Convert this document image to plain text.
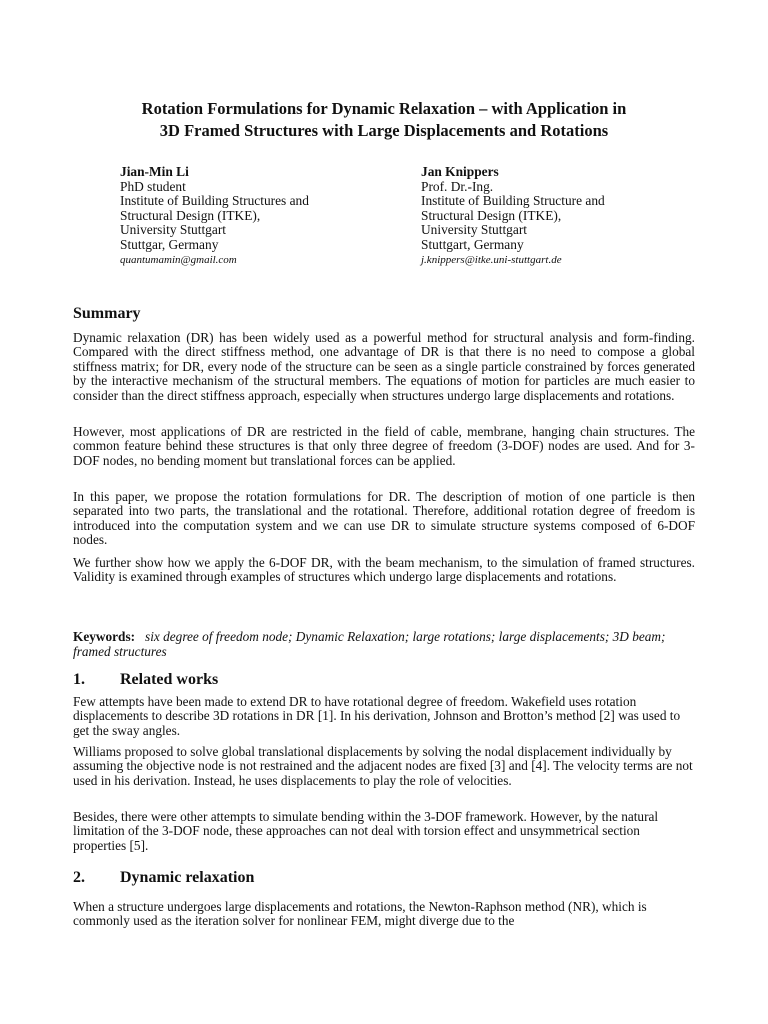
Rotation Formulations for Dynamic Relaxation – with Application in
3D Framed Structures with Large Displacements and Rotations
Jian-Min Li
PhD student
Institute of Building Structures and
Structural Design (ITKE),
University Stuttgart
Stuttgar, Germany
quantumamin@gmail.com
Jan Knippers
Prof. Dr.-Ing.
Institute of Building Structure and
Structural Design (ITKE),
University Stuttgart
Stuttgart, Germany
j.knippers@itke.uni-stuttgart.de
Summary

Dynamic relaxation (DR) has been widely used as a powerful method for structural analysis and form-finding. Compared with the direct stiffness method, one advantage of DR is that there is no need to compose a global stiffness matrix; for DR, every node of the structure can be seen as a single particle constrained by forces generated by the interactive mechanism of the structural members. The equations of motion for particles are much easier to consider than the direct stiffness approach, especially when structures undergo large displacements and rotations.

However, most applications of DR are restricted in the field of cable, membrane, hanging chain structures. The common feature behind these structures is that only three degree of freedom (3-DOF) nodes are used. And for 3-DOF nodes, no bending moment but translational forces can be applied.

In this paper, we propose the rotation formulations for DR. The description of motion of one particle is then separated into two parts, the translational and the rotational. Therefore, additional rotation degree of freedom is introduced into the computation system and we can use DR to simulate structure systems composed of 6-DOF nodes.

We further show how we apply the 6-DOF DR, with the beam mechanism, to the simulation of framed structures. Validity is examined through examples of structures which undergo large displacements and rotations.

Keywords: six degree of freedom node; Dynamic Relaxation; large rotations; large displacements; 3D beam; framed structures
1. Related works

Few attempts have been made to extend DR to have rotational degree of freedom. Wakefield uses rotation displacements to describe 3D rotations in DR [1]. In his derivation, Johnson and Brotton’s method [2] was used to get the sway angles.

Williams proposed to solve global translational displacements by solving the nodal displacement individually by assuming the objective node is not restrained and the adjacent nodes are fixed [3] and [4]. The velocity terms are not used in his derivation. Instead, he uses displacements to play the role of velocities.

Besides, there were other attempts to simulate bending within the 3-DOF framework. However, by the natural limitation of the 3-DOF node, these approaches can not deal with torsion effect and unsymmetrical section properties [5].

2. Dynamic relaxation

When a structure undergoes large displacements and rotations, the Newton-Raphson method (NR), which is commonly used as the iteration solver for nonlinear FEM, might diverge due to the
